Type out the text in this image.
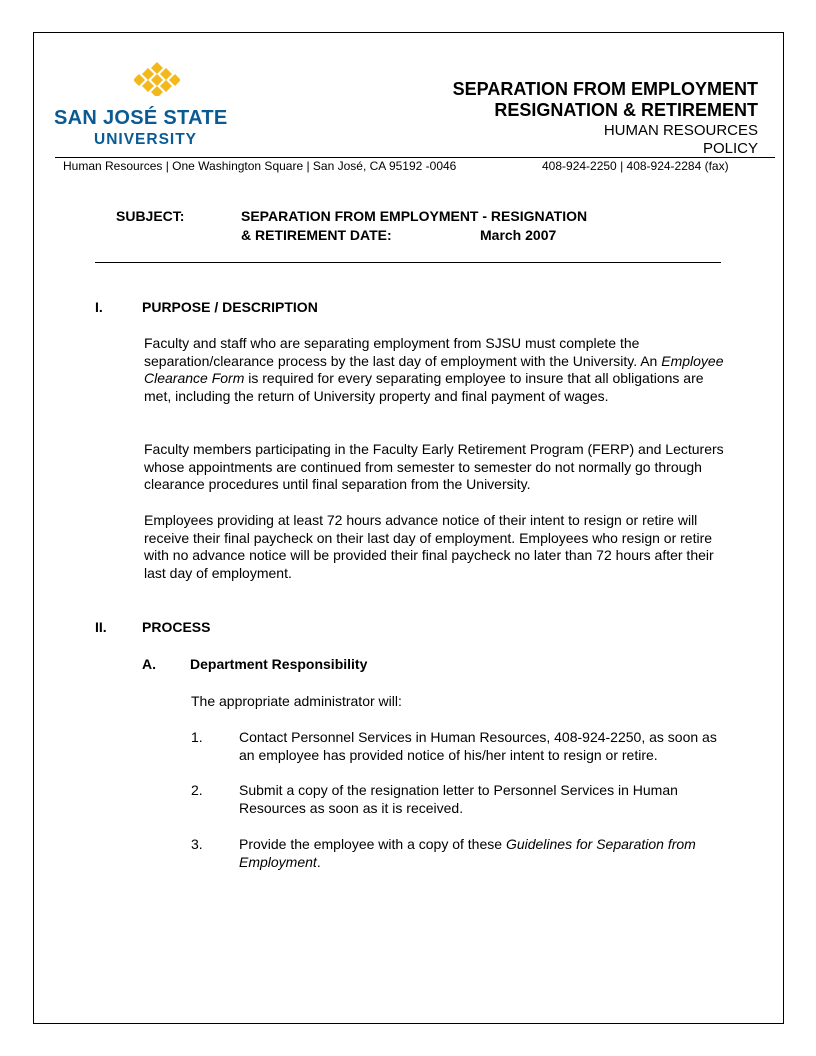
SAN JOSÉ STATE
UNIVERSITY
SEPARATION FROM EMPLOYMENT
RESIGNATION & RETIREMENT
HUMAN RESOURCES
POLICY
Human Resources | One Washington Square | San José, CA 95192 -0046	408-924-2250 | 408-924-2284 (fax)
SUBJECT:	SEPARATION FROM EMPLOYMENT - RESIGNATION
& RETIREMENT DATE:	March 2007
I.	PURPOSE / DESCRIPTION

Faculty and staff who are separating employment from SJSU must complete the separation/clearance process by the last day of employment with the University. An Employee Clearance Form is required for every separating employee to insure that all obligations are met, including the return of University property and final payment of wages.

Faculty members participating in the Faculty Early Retirement Program (FERP) and Lecturers whose appointments are continued from semester to semester do not normally go through clearance procedures until final separation from the University.

Employees providing at least 72 hours advance notice of their intent to resign or retire will receive their final paycheck on their last day of employment. Employees who resign or retire with no advance notice will be provided their final paycheck no later than 72 hours after their last day of employment.

II.	PROCESS
A. Department Responsibility
The appropriate administrator will:
1.	Contact Personnel Services in Human Resources, 408-924-2250, as soon as an employee has provided notice of his/her intent to resign or retire.
2.	Submit a copy of the resignation letter to Personnel Services in Human Resources as soon as it is received.
3.	Provide the employee with a copy of these Guidelines for Separation from Employment.
